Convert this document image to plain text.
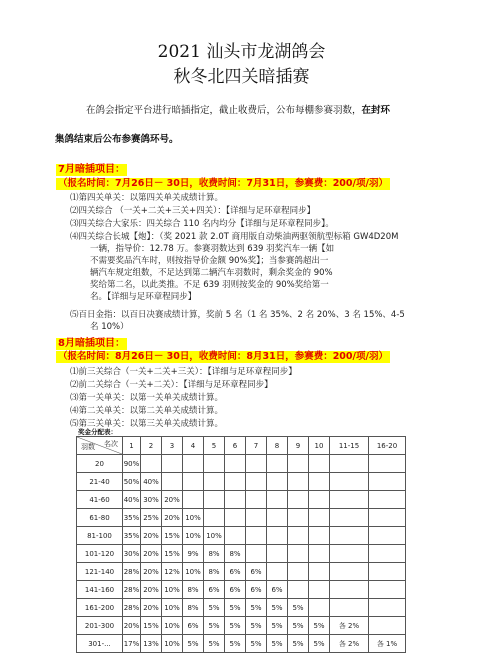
2021 汕头市龙湖鸽会
秋冬北四关暗插赛
在鸽会指定平台进行暗插指定，截止收费后，公布每棚参赛羽数，在封环
集鸽结束后公布参赛鸽环号。
7月暗插项目：
（报名时间：7月26日－ 30日，收费时间：7月31日，参赛费：200/项/羽）
⑴第四关单关：以第四关单关成绩计算。
⑵四关综合 （一关+二关+三关+四关）：【详细与足环章程同步】
⑶四关综合大家乐：四关综合 110 名内均分【详细与足环章程同步】。
⑷四关综合长城【炮】：（奖 2021 款 2.0T 商用版自动柴油两驱领航型标箱 GW4D20M
一辆，指导价：12.78 万。参赛羽数达到 639 羽奖汽车一辆【如
不需要奖品汽车时，则按指导价金额 90%奖】；当参赛鸽超出一
辆汽车规定组数，不足达到第二辆汽车羽数时，剩余奖金的 90%
奖给第二名，以此类推。不足 639 羽则按奖金的 90%奖给第一
名。【详细与足环章程同步】
⑸百日金指：以百日决赛成绩计算，奖前 5 名（1 名 35%、2 名 20%、3 名 15%、4-5
名 10%）
8月暗插项目：
（报名时间：8月26日－ 30日，收费时间：8月31日，参赛费：200/项/羽）
⑴前三关综合（一关+二关+三关）：【详细与足环章程同步】
⑵前二关综合（一关+二关）：【详细与足环章程同步】
⑶第一关单关：以第一关单关成绩计算。
⑷第二关单关：以第二关单关成绩计算。
⑸第三关单关：以第三关单关成绩计算。
奖金分配表：
名次
羽数	1	2	3	4	5	6	7	8	9	10	11-15	16-20
20	90%											
21-40	50%	40%										
41-60	40%	30%	20%									
61-80	35%	25%	20%	10%								
81-100	35%	20%	15%	10%	10%							
101-120	30%	20%	15%	9%	8%	8%						
121-140	28%	20%	12%	10%	8%	6%	6%					
141-160	28%	20%	10%	8%	6%	6%	6%	6%				
161-200	28%	20%	10%	8%	5%	5%	5%	5%	5%			
201-300	20%	15%	10%	6%	5%	5%	5%	5%	5%	5%	各 2%	
301-...	17%	13%	10%	5%	5%	5%	5%	5%	5%	5%	各 2%	各 1%
